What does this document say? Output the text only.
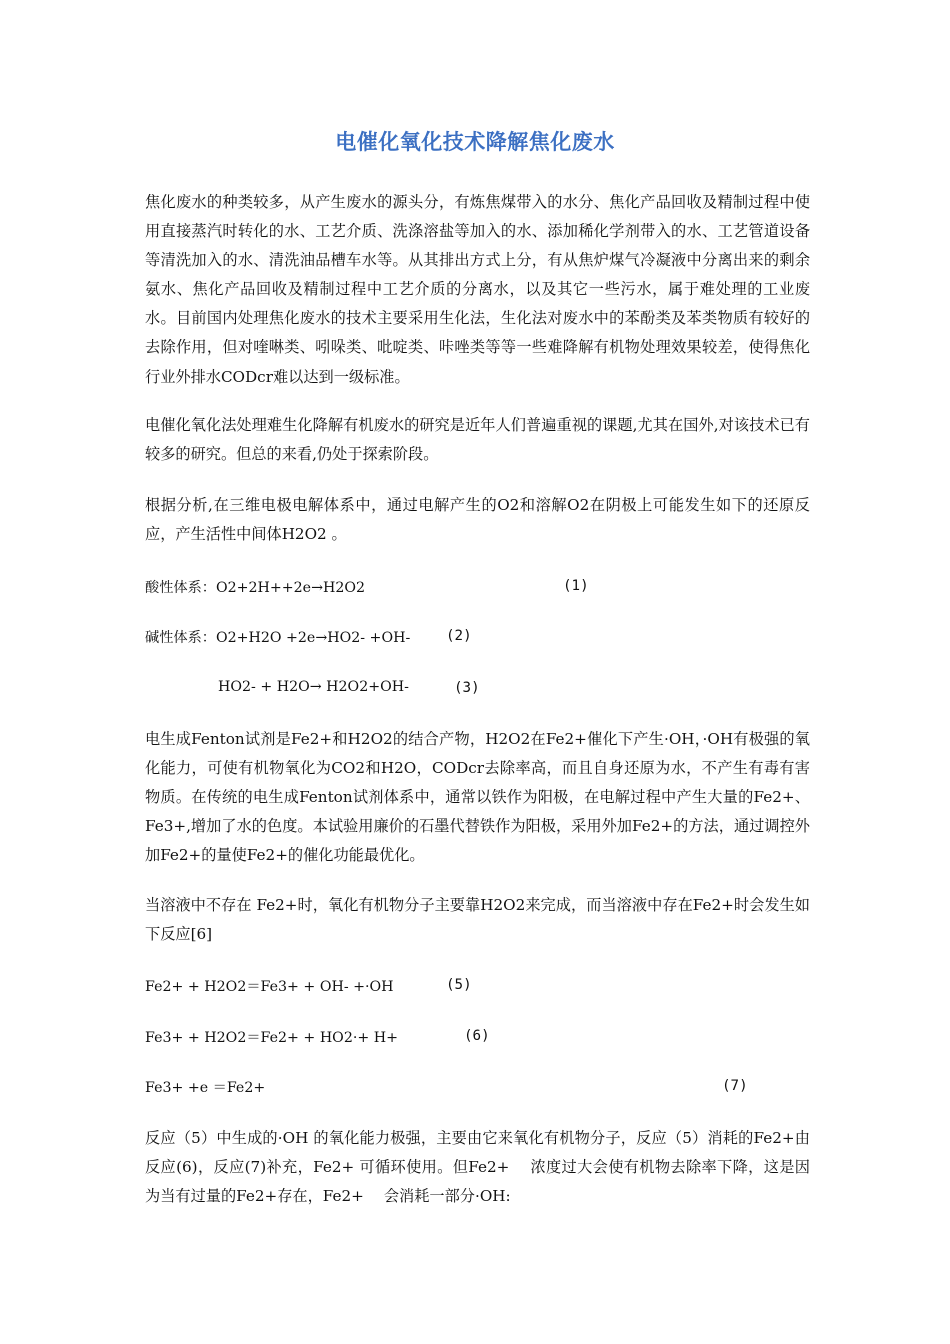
电催化氧化技术降解焦化废水

焦化废水的种类较多，从产生废水的源头分，有炼焦煤带入的水分、焦化产品回收及精制过程中使用直接蒸汽时转化的水、工艺介质、洗涤溶盐等加入的水、添加稀化学剂带入的水、工艺管道设备等清洗加入的水、清洗油品槽车水等。从其排出方式上分，有从焦炉煤气冷凝液中分离出来的剩余氨水、焦化产品回收及精制过程中工艺介质的分离水，以及其它一些污水，属于难处理的工业废水。目前国内处理焦化废水的技术主要采用生化法，生化法对废水中的苯酚类及苯类物质有较好的去除作用，但对喹啉类、吲哚类、吡啶类、咔唑类等等一些难降解有机物处理效果较差，使得焦化行业外排水CODcr难以达到一级标准。

电催化氧化法处理难生化降解有机废水的研究是近年人们普遍重视的课题,尤其在国外,对该技术已有较多的研究。但总的来看,仍处于探索阶段。

根据分析,在三维电极电解体系中，通过电解产生的O2和溶解O2在阴极上可能发生如下的还原反应，产生活性中间体H2O2 。

酸性体系：O2+2H++2e→H2O2	(1)
碱性体系：O2+H2O +2e→HO2- +OH-	(2)
HO2- + H2O→ H2O2+OH-	(3)

电生成Fenton试剂是Fe2+和H2O2的结合产物，H2O2在Fe2+催化下产生·OH，·OH有极强的氧化能力，可使有机物氧化为CO2和H2O，CODcr去除率高，而且自身还原为水，不产生有毒有害物质。在传统的电生成Fenton试剂体系中，通常以铁作为阳极，在电解过程中产生大量的Fe2+、Fe3+,增加了水的色度。本试验用廉价的石墨代替铁作为阳极，采用外加Fe2+的方法，通过调控外加Fe2+的量使Fe2+的催化功能最优化。

当溶液中不存在 Fe2+时，氧化有机物分子主要靠H2O2来完成，而当溶液中存在Fe2+时会发生如下反应[6]

Fe2+ + H2O2＝Fe3+ + OH- +·OH	(5)
Fe3+ + H2O2＝Fe2+ + HO2·+ H+	(6)
Fe3+ +e ＝Fe2+	(7)

反应（5）中生成的·OH 的氧化能力极强，主要由它来氧化有机物分子，反应（5）消耗的Fe2+由反应(6)，反应(7)补充，Fe2+ 可循环使用。但Fe2+　 浓度过大会使有机物去除率下降，这是因为当有过量的Fe2+存在，Fe2+　 会消耗一部分·OH:
